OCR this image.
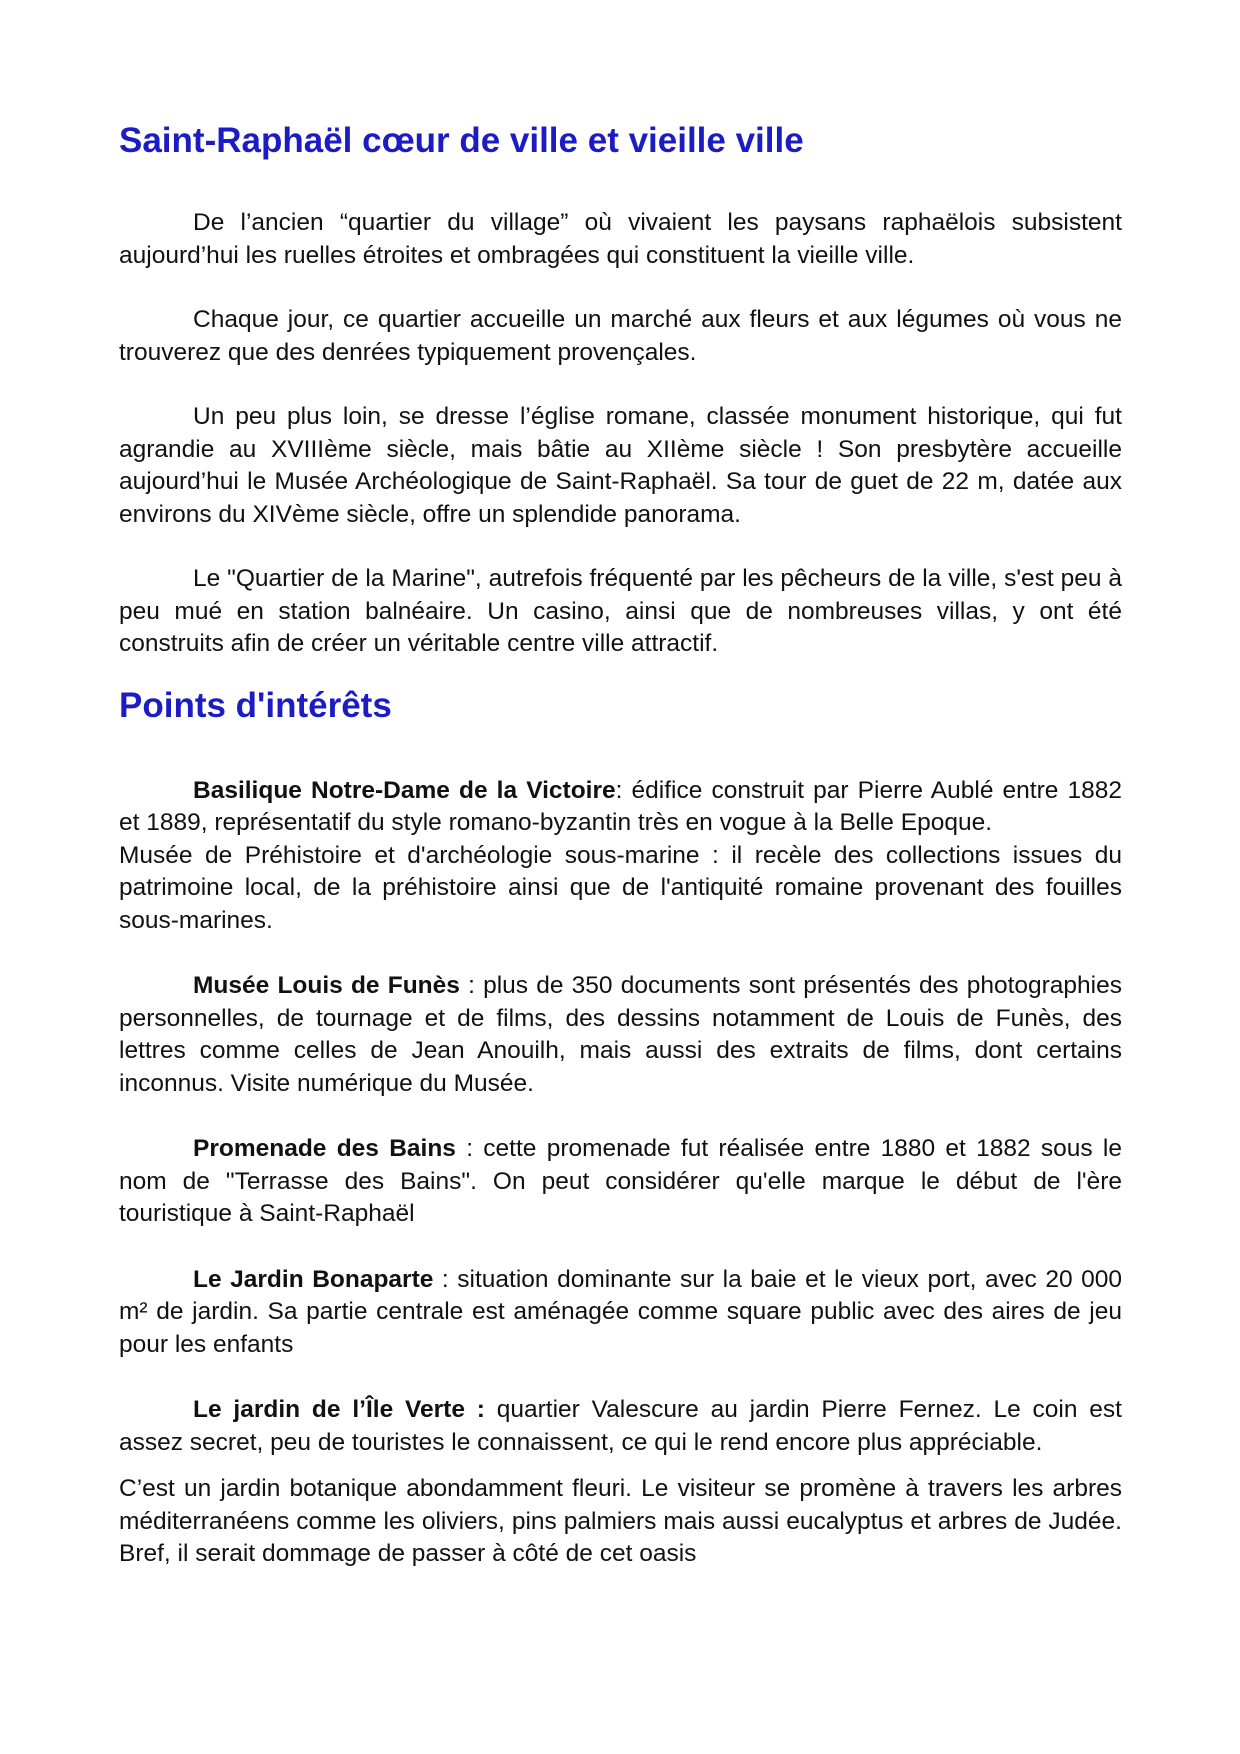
Saint-Raphaël cœur de ville et vieille ville

De l’ancien “quartier du village” où vivaient les paysans raphaëlois subsistent aujourd’hui les ruelles étroites et ombragées qui constituent la vieille ville.

Chaque jour, ce quartier accueille un marché aux fleurs et aux légumes où vous ne trouverez que des denrées typiquement provençales.

Un peu plus loin, se dresse l’église romane, classée monument historique, qui fut agrandie au XVIIIème siècle, mais bâtie au XIIème siècle ! Son presbytère accueille aujourd’hui le Musée Archéologique de Saint-Raphaël. Sa tour de guet de 22 m, datée aux environs du XIVème siècle, offre un splendide panorama.

Le "Quartier de la Marine", autrefois fréquenté par les pêcheurs de la ville, s'est peu à peu mué en station balnéaire. Un casino, ainsi que de nombreuses villas, y ont été construits afin de créer un véritable centre ville attractif.

Points d'intérêts

Basilique Notre-Dame de la Victoire: édifice construit par Pierre Aublé entre 1882 et 1889, représentatif du style romano-byzantin très en vogue à la Belle Epoque.

Musée de Préhistoire et d'archéologie sous-marine : il recèle des collections issues du patrimoine local, de la préhistoire ainsi que de l'antiquité romaine provenant des fouilles sous-marines.

Musée Louis de Funès : plus de 350 documents sont présentés des photographies personnelles, de tournage et de films, des dessins notamment de Louis de Funès, des lettres comme celles de Jean Anouilh, mais aussi des extraits de films, dont certains inconnus. Visite numérique du Musée.

Promenade des Bains : cette promenade fut réalisée entre 1880 et 1882 sous le nom de "Terrasse des Bains". On peut considérer qu'elle marque le début de l'ère touristique à Saint-Raphaël

Le Jardin Bonaparte : situation dominante sur la baie et le vieux port, avec 20 000 m² de jardin. Sa partie centrale est aménagée comme square public avec des aires de jeu pour les enfants

Le jardin de l’Île Verte : quartier Valescure au jardin Pierre Fernez. Le coin est assez secret, peu de touristes le connaissent, ce qui le rend encore plus appréciable.

C’est un jardin botanique abondamment fleuri. Le visiteur se promène à travers les arbres méditerranéens comme les oliviers, pins palmiers mais aussi eucalyptus et arbres de Judée. Bref, il serait dommage de passer à côté de cet oasis
